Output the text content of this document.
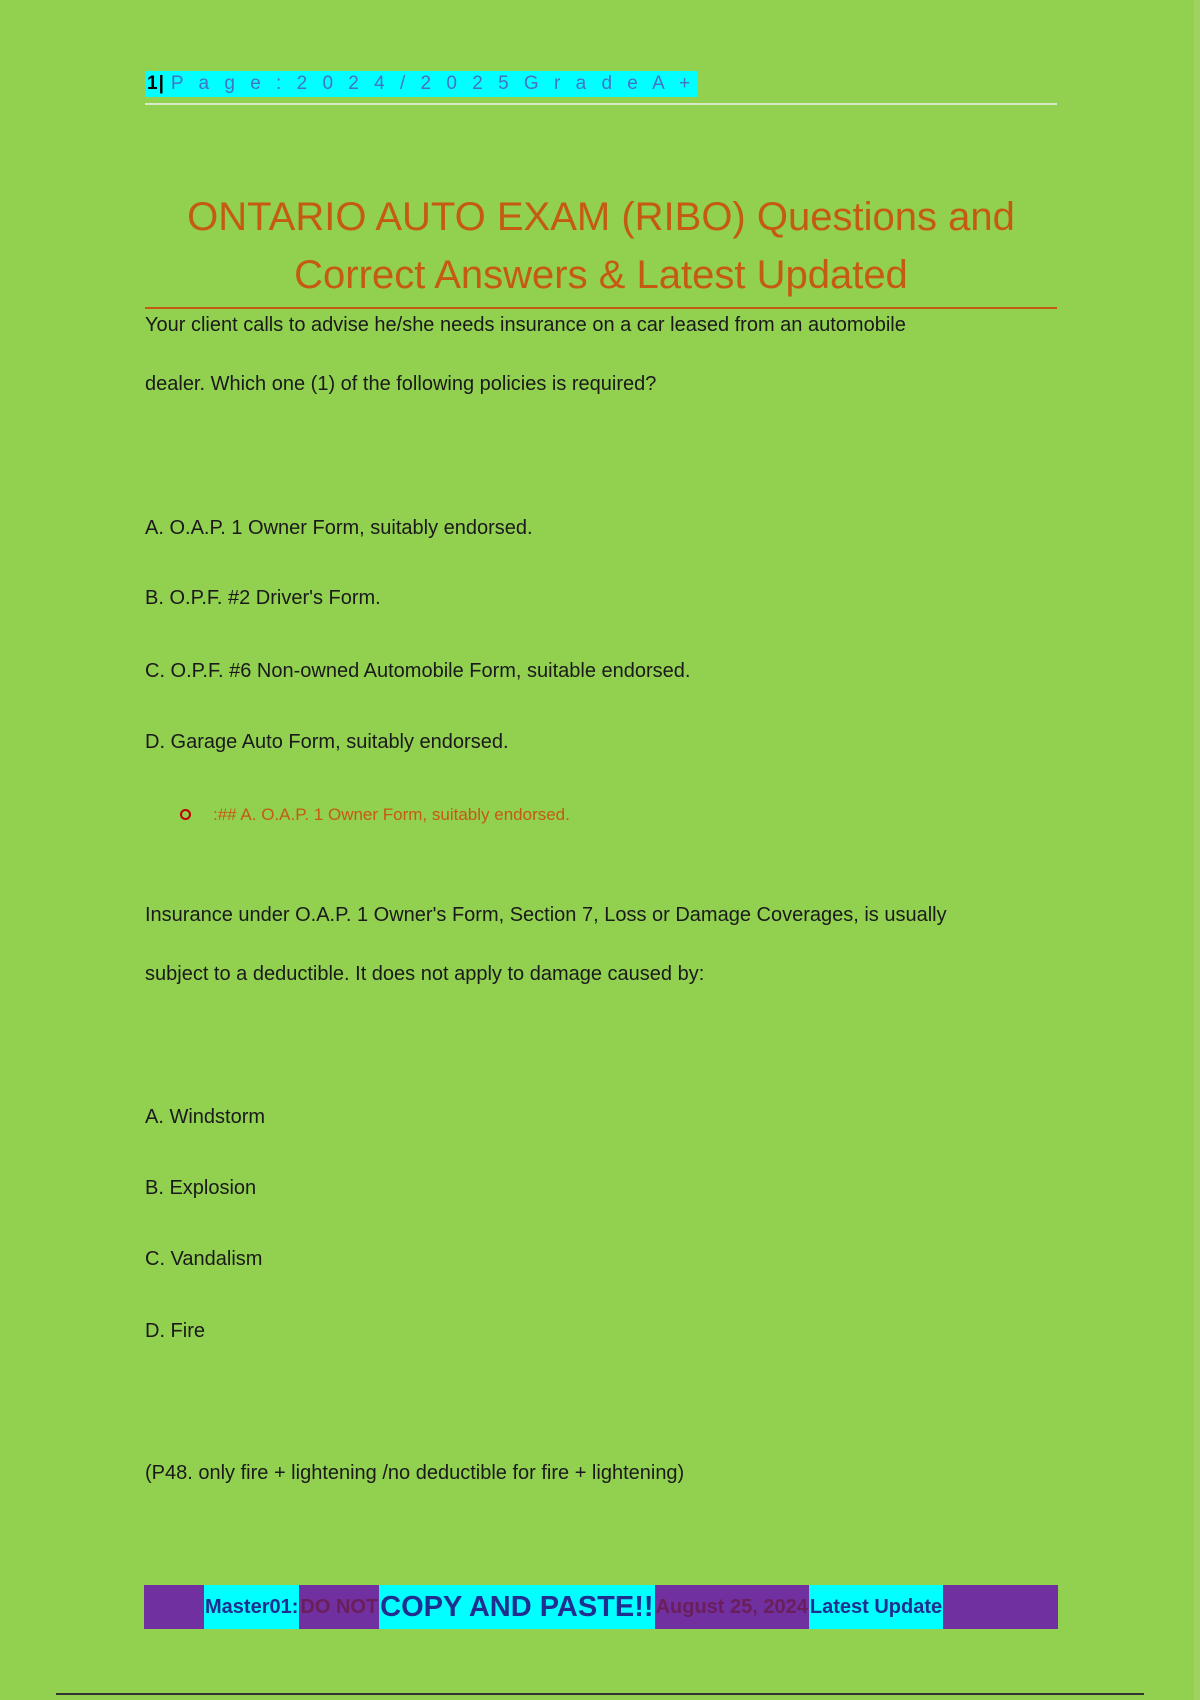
1| P a g e : 2 0 2 4 / 2 0 2 5 G r a d e A +
ONTARIO AUTO EXAM (RIBO) Questions and
Correct Answers & Latest Updated
Your client calls to advise he/she needs insurance on a car leased from an automobile
dealer. Which one (1) of the following policies is required?
A. O.A.P. 1 Owner Form, suitably endorsed.
B. O.P.F. #2 Driver's Form.
C. O.P.F. #6 Non-owned Automobile Form, suitable endorsed.
D. Garage Auto Form, suitably endorsed.
:## A. O.A.P. 1 Owner Form, suitably endorsed.
Insurance under O.A.P. 1 Owner's Form, Section 7, Loss or Damage Coverages, is usually
subject to a deductible. It does not apply to damage caused by:
A. Windstorm
B. Explosion
C. Vandalism
D. Fire
(P48. only fire + lightening /no deductible for fire + lightening)
Master01: DO NOT COPY AND PASTE!! August 25, 2024 Latest Update
